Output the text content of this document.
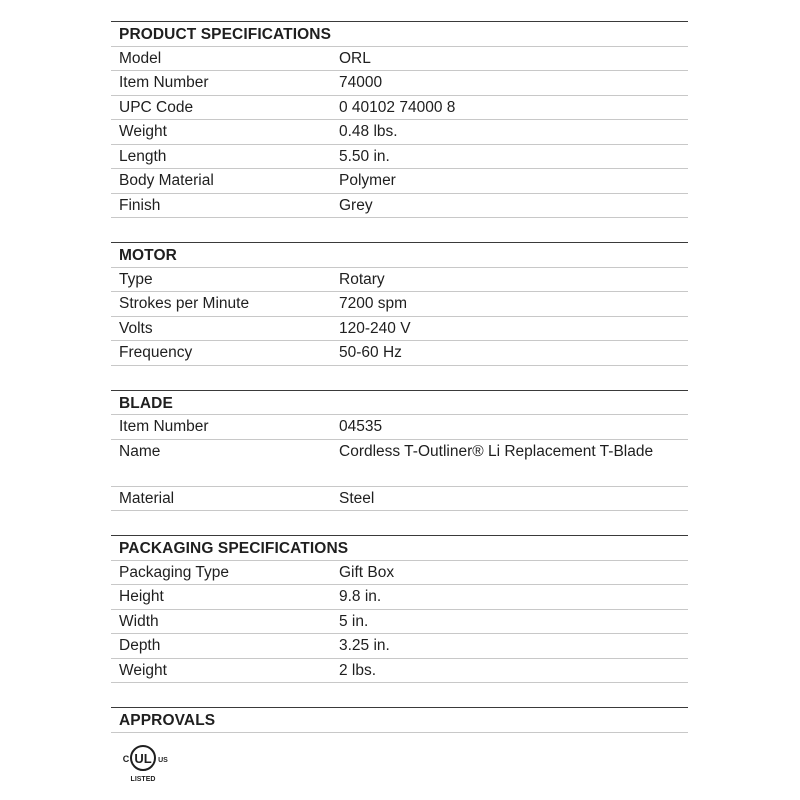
PRODUCT SPECIFICATIONS
Model	ORL
Item Number	74000
UPC Code	0 40102 74000 8
Weight	0.48 lbs.
Length	5.50 in.
Body Material	Polymer
Finish	Grey
MOTOR
Type	Rotary
Strokes per Minute	7200 spm
Volts	120-240 V
Frequency	50-60 Hz
BLADE
Item Number	04535
Name	Cordless T-Outliner® Li Replacement T-Blade
Material	Steel
PACKAGING SPECIFICATIONS
Packaging Type	Gift Box
Height	9.8 in.
Width	5 in.
Depth	3.25 in.
Weight	2 lbs.
APPROVALS
UL
C	US
LISTED
